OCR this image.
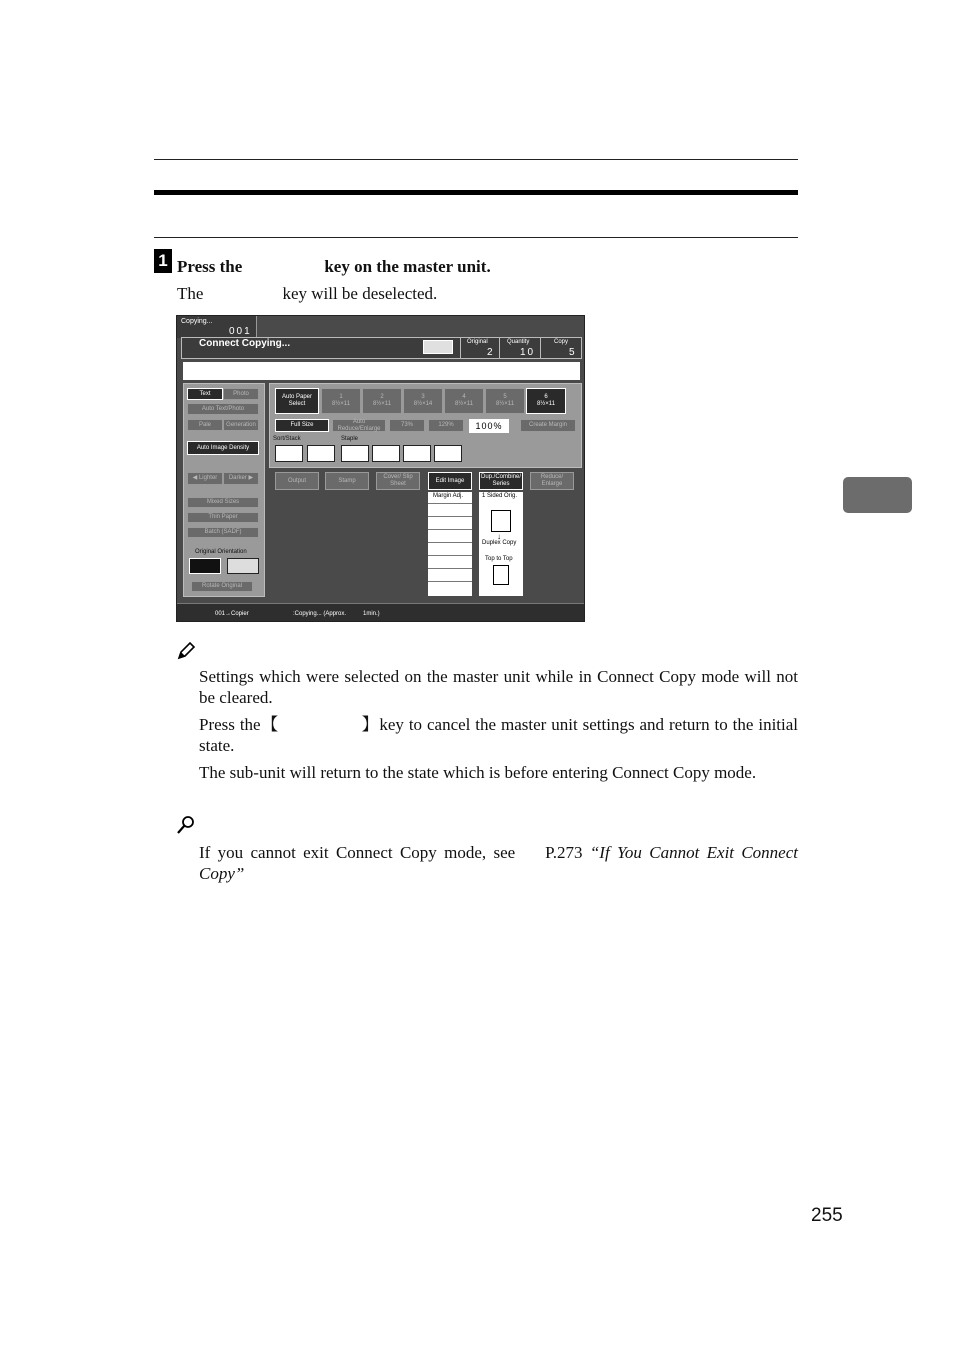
1 Press the	key on the master unit.
The	key will be deselected.
Copying...
001
Connect Copying...	Original
2
Quantity
10
Copy
5
Text	Photo
Auto Text/Photo
Pale	Generation
Auto Image Density
◀ Lighter Darker ▶
Mixed Sizes
Thin Paper
Batch (SADF)
Original Orientation
Rotate Original
Auto Paper Select
1
8½×11
2
8½×11
3
8½×14
4
8½×11
5
8½×11
6
8½×11
Full Size
Auto Reduce/Enlarge
73%	129%	100%	Create Margin
Sort/Stack	Staple
Output	Stamp
Cover/ Slip Sheet
Edit Image
Dup./Combine/ Series
Reduce/ Enlarge
Margin Adj.	1 Sided Orig.
↓
Duplex Copy
Top to Top
001→Copier	:Copying... (Approx.	1min.)
Settings which were selected on the master unit while in Connect Copy mode will not be cleared.
Press the【	】key to cancel the master unit settings and return to the initial state.
The sub-unit will return to the state which is before entering Connect Copy mode.
If you cannot exit Connect Copy mode, see P.273 “If You Cannot Exit Connect Copy”
255
